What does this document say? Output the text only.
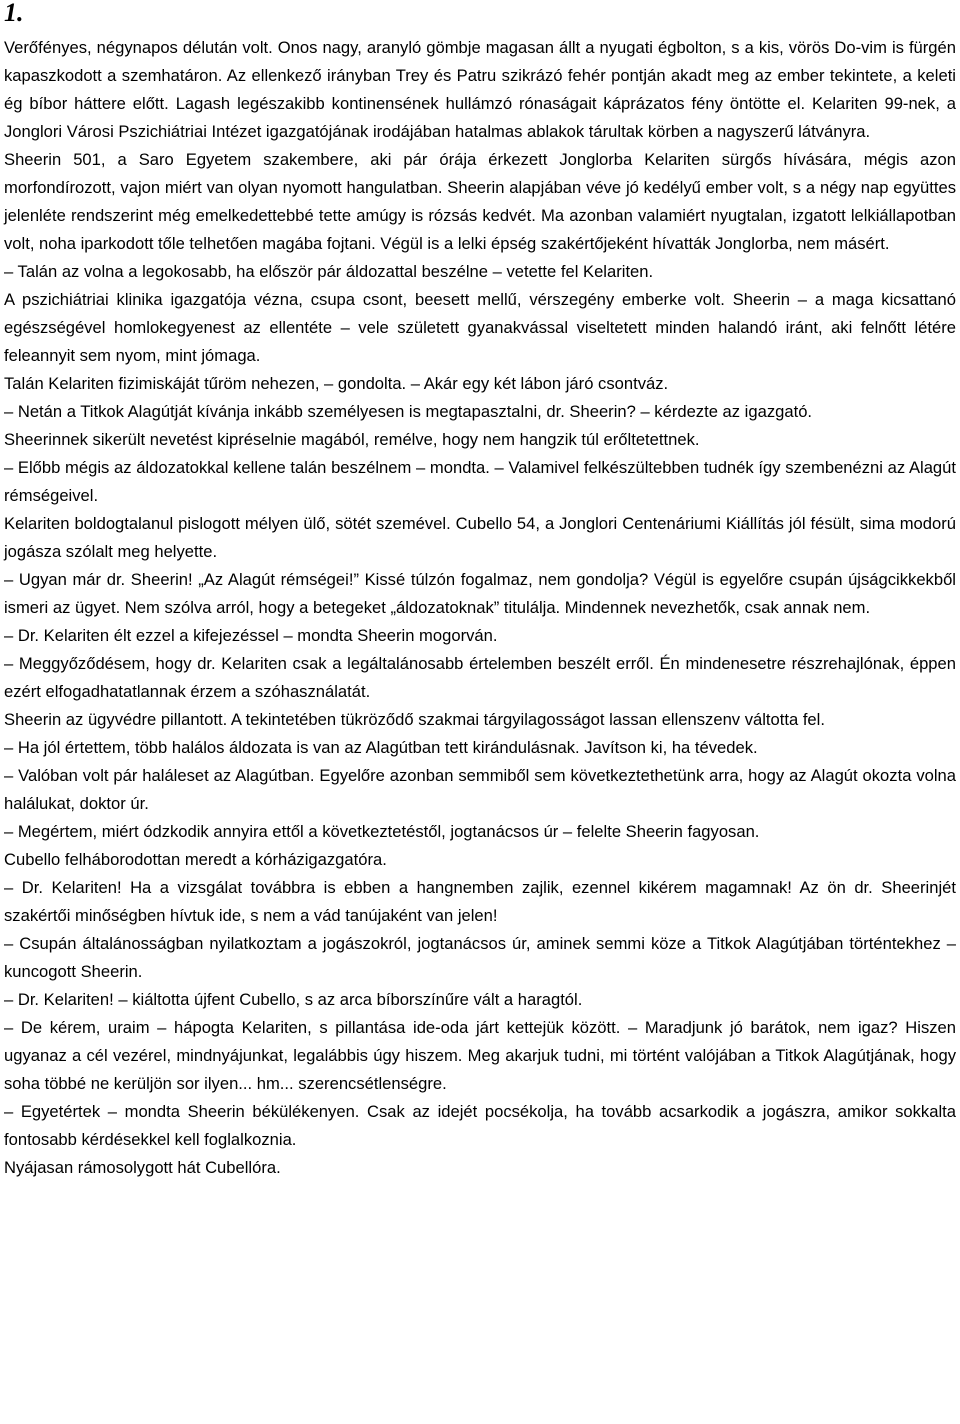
1.

Verőfényes, négynapos délután volt. Onos nagy, aranyló gömbje magasan állt a nyugati égbolton, s a kis, vörös Do-vim is fürgén kapaszkodott a szemhatáron. Az ellenkező irányban Trey és Patru szikrázó fehér pontján akadt meg az ember tekintete, a keleti ég bíbor háttere előtt. Lagash legészakibb kontinensének hullámzó rónaságait káprázatos fény öntötte el. Kelariten 99-nek, a Jonglori Városi Pszichiátriai Intézet igazgatójának irodájában hatalmas ablakok tárultak körben a nagyszerű látványra.

Sheerin 501, a Saro Egyetem szakembere, aki pár órája érkezett Jonglorba Kelariten sürgős hívására, mégis azon morfondírozott, vajon miért van olyan nyomott hangulatban. Sheerin alapjában véve jó kedélyű ember volt, s a négy nap együttes jelenléte rendszerint még emelkedettebbé tette amúgy is rózsás kedvét. Ma azonban valamiért nyugtalan, izgatott lelkiállapotban volt, noha iparkodott tőle telhetően magába fojtani. Végül is a lelki épség szakértőjeként hívatták Jonglorba, nem másért.

– Talán az volna a legokosabb, ha először pár áldozattal beszélne – vetette fel Kelariten.

A pszichiátriai klinika igazgatója vézna, csupa csont, beesett mellű, vérszegény emberke volt. Sheerin – a maga kicsattanó egészségével homlokegyenest az ellentéte – vele született gyanakvással viseltetett minden halandó iránt, aki felnőtt létére feleannyit sem nyom, mint jómaga.

Talán Kelariten fizimiskáját tűröm nehezen, – gondolta. – Akár egy két lábon járó csontváz.

– Netán a Titkok Alagútját kívánja inkább személyesen is megtapasztalni, dr. Sheerin? – kérdezte az igazgató.

Sheerinnek sikerült nevetést kipréselnie magából, remélve, hogy nem hangzik túl erőltetettnek.

– Előbb mégis az áldozatokkal kellene talán beszélnem – mondta. – Valamivel felkészültebben tudnék így szembenézni az Alagút rémségeivel.

Kelariten boldogtalanul pislogott mélyen ülő, sötét szemével. Cubello 54, a Jonglori Centenáriumi Kiállítás jól fésült, sima modorú jogásza szólalt meg helyette.

– Ugyan már dr. Sheerin! „Az Alagút rémségei!” Kissé túlzón fogalmaz, nem gondolja? Végül is egyelőre csupán újságcikkekből ismeri az ügyet. Nem szólva arról, hogy a betegeket „áldozatoknak” titulálja. Mindennek nevezhetők, csak annak nem.

– Dr. Kelariten élt ezzel a kifejezéssel – mondta Sheerin mogorván.

– Meggyőződésem, hogy dr. Kelariten csak a legáltalánosabb értelemben beszélt erről. Én mindenesetre részrehajlónak, éppen ezért elfogadhatatlannak érzem a szóhasználatát.

Sheerin az ügyvédre pillantott. A tekintetében tükröződő szakmai tárgyilagosságot lassan ellenszenv váltotta fel.

– Ha jól értettem, több halálos áldozata is van az Alagútban tett kirándulásnak. Javítson ki, ha tévedek.

– Valóban volt pár haláleset az Alagútban. Egyelőre azonban semmiből sem következtethetünk arra, hogy az Alagút okozta volna halálukat, doktor úr.

– Megértem, miért ódzkodik annyira ettől a következtetéstől, jogtanácsos úr – felelte Sheerin fagyosan.

Cubello felháborodottan meredt a kórházigazgatóra.

– Dr. Kelariten! Ha a vizsgálat továbbra is ebben a hangnemben zajlik, ezennel kikérem magamnak! Az ön dr. Sheerinjét szakértői minőségben hívtuk ide, s nem a vád tanújaként van jelen!

– Csupán általánosságban nyilatkoztam a jogászokról, jogtanácsos úr, aminek semmi köze a Titkok Alagútjában történtekhez – kuncogott Sheerin.

– Dr. Kelariten! – kiáltotta újfent Cubello, s az arca bíborszínűre vált a haragtól.

– De kérem, uraim – hápogta Kelariten, s pillantása ide-oda járt kettejük között. – Maradjunk jó barátok, nem igaz? Hiszen ugyanaz a cél vezérel, mindnyájunkat, legalábbis úgy hiszem. Meg akarjuk tudni, mi történt valójában a Titkok Alagútjának, hogy soha többé ne kerüljön sor ilyen... hm... szerencsétlenségre.

– Egyetértek – mondta Sheerin békülékenyen. Csak az idejét pocsékolja, ha tovább acsarkodik a jogászra, amikor sokkalta fontosabb kérdésekkel kell foglalkoznia.

Nyájasan rámosolygott hát Cubellóra.
